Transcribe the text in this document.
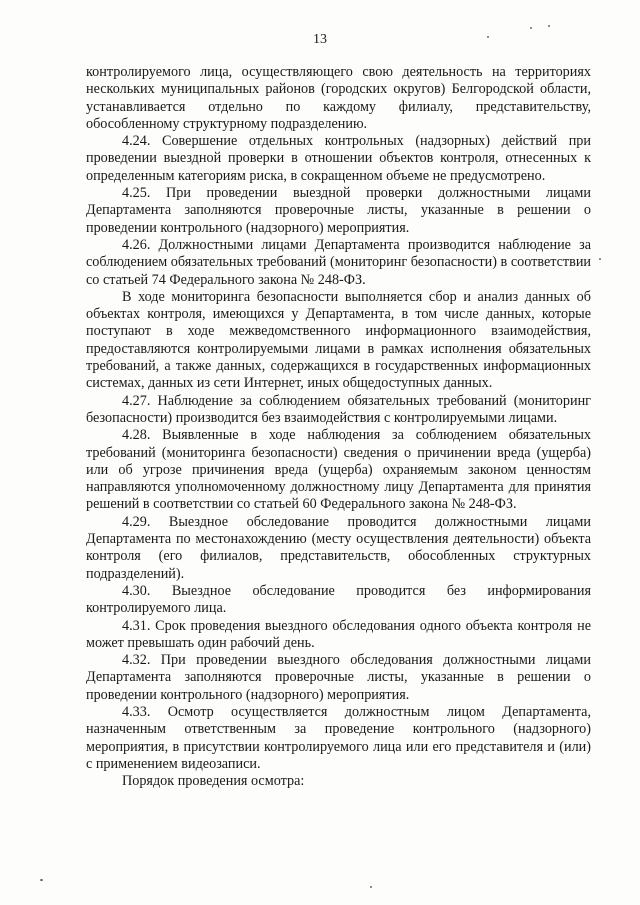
13

контролируемого лица, осуществляющего свою деятельность на территориях нескольких муниципальных районов (городских округов) Белгородской области, устанавливается отдельно по каждому филиалу, представительству, обособленному структурному подразделению.

4.24. Совершение отдельных контрольных (надзорных) действий при проведении выездной проверки в отношении объектов контроля, отнесенных к определенным категориям риска, в сокращенном объеме не предусмотрено.

4.25. При проведении выездной проверки должностными лицами Департамента заполняются проверочные листы, указанные в решении о проведении контрольного (надзорного) мероприятия.

4.26. Должностными лицами Департамента производится наблюдение за соблюдением обязательных требований (мониторинг безопасности) в соответствии со статьей 74 Федерального закона № 248-ФЗ.

В ходе мониторинга безопасности выполняется сбор и анализ данных об объектах контроля, имеющихся у Департамента, в том числе данных, которые поступают в ходе межведомственного информационного взаимодействия, предоставляются контролируемыми лицами в рамках исполнения обязательных требований, а также данных, содержащихся в государственных информационных системах, данных из сети Интернет, иных общедоступных данных.

4.27. Наблюдение за соблюдением обязательных требований (мониторинг безопасности) производится без взаимодействия с контролируемыми лицами.

4.28. Выявленные в ходе наблюдения за соблюдением обязательных требований (мониторинга безопасности) сведения о причинении вреда (ущерба) или об угрозе причинения вреда (ущерба) охраняемым законом ценностям направляются уполномоченному должностному лицу Департамента для принятия решений в соответствии со статьей 60 Федерального закона № 248-ФЗ.

4.29. Выездное обследование проводится должностными лицами Департамента по местонахождению (месту осуществления деятельности) объекта контроля (его филиалов, представительств, обособленных структурных подразделений).

4.30. Выездное обследование проводится без информирования контролируемого лица.

4.31. Срок проведения выездного обследования одного объекта контроля не может превышать один рабочий день.

4.32. При проведении выездного обследования должностными лицами Департамента заполняются проверочные листы, указанные в решении о проведении контрольного (надзорного) мероприятия.

4.33. Осмотр осуществляется должностным лицом Департамента, назначенным ответственным за проведение контрольного (надзорного) мероприятия, в присутствии контролируемого лица или его представителя и (или) с применением видеозаписи.

Порядок проведения осмотра:
